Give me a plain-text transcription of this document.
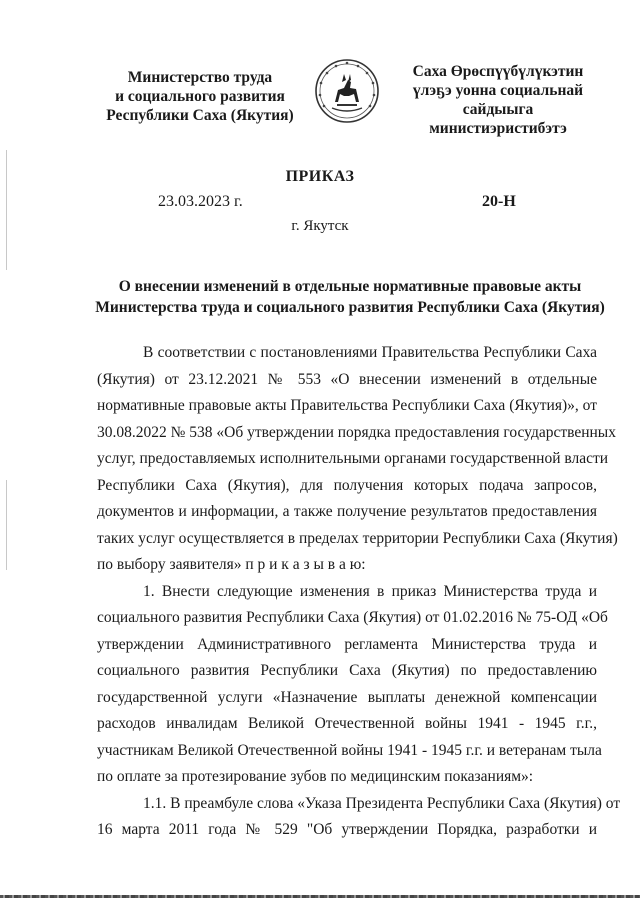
Министерство труда
и социального развития
Республики Саха (Якутия)
Саха Өрөспүүбүлүкэтин
үлэҕэ уонна социальнай
сайдыыга
министиэристибэтэ
ПРИКАЗ
23.03.2023 г.	20-Н
г. Якутск
О внесении изменений в отдельные нормативные правовые акты
Министерства труда и социального развития Республики Саха (Якутия)
В соответствии с постановлениями Правительства Республики Саха
(Якутия) от 23.12.2021 № 553 «О внесении изменений в отдельные
нормативные правовые акты Правительства Республики Саха (Якутия)», от
30.08.2022 № 538 «Об утверждении порядка предоставления государственных
услуг, предоставляемых исполнительными органами государственной власти
Республики Саха (Якутия), для получения которых подача запросов,
документов и информации, а также получение результатов предоставления
таких услуг осуществляется в пределах территории Республики Саха (Якутия)
по выбору заявителя» п р и к а з ы в а ю:
1. Внести следующие изменения в приказ Министерства труда и
социального развития Республики Саха (Якутия) от 01.02.2016 № 75-ОД «Об
утверждении Административного регламента Министерства труда и
социального развития Республики Саха (Якутия) по предоставлению
государственной услуги «Назначение выплаты денежной компенсации
расходов инвалидам Великой Отечественной войны 1941 - 1945 г.г.,
участникам Великой Отечественной войны 1941 - 1945 г.г. и ветеранам тыла
по оплате за протезирование зубов по медицинским показаниям»:
1.1. В преамбуле слова «Указа Президента Республики Саха (Якутия) от
16 марта 2011 года № 529 "Об утверждении Порядка, разработки и
